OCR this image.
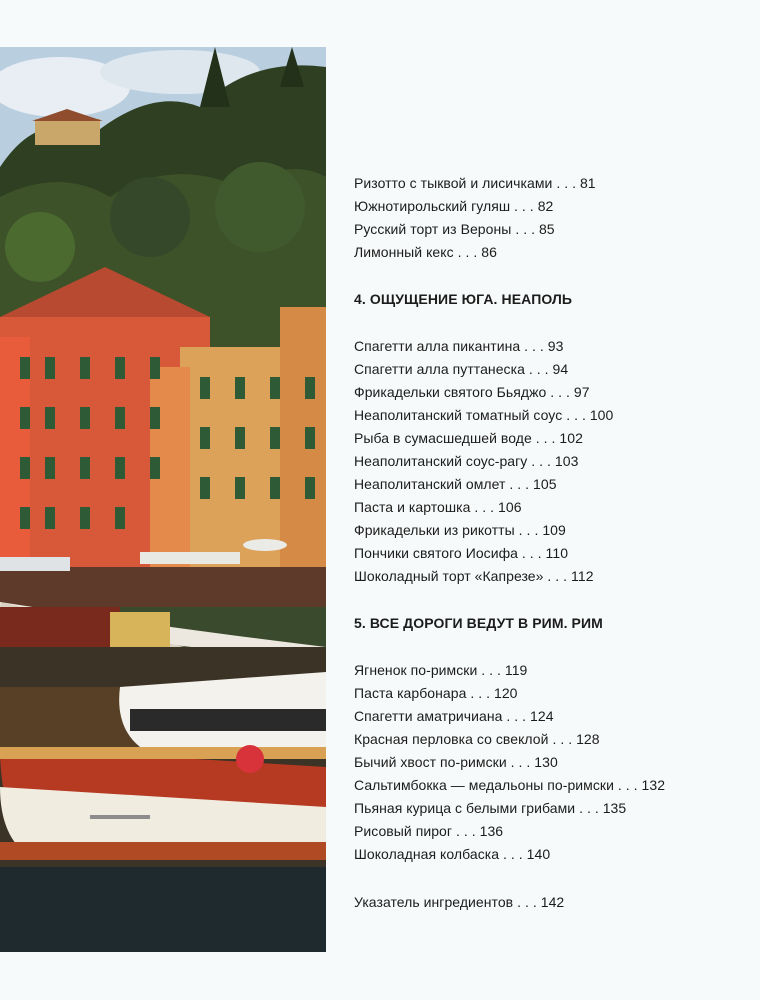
Ризотто с тыквой и лисичками . . . 81
Южнотирольский гуляш . . . 82
Русский торт из Вероны . . . 85
Лимонный кекс . . . 86
4. ОЩУЩЕНИЕ ЮГА. НЕАПОЛЬ
Спагетти алла пикантина . . . 93
Спагетти алла путтанеска . . . 94
Фрикадельки святого Бьяджо . . . 97
Неаполитанский томатный соус . . . 100
Рыба в сумасшедшей воде . . . 102
Неаполитанский соус-рагу . . . 103
Неаполитанский омлет . . . 105
Паста и картошка . . . 106
Фрикадельки из рикотты . . . 109
Пончики святого Иосифа . . . 110
Шоколадный торт «Капрезе» . . . 112
5. ВСЕ ДОРОГИ ВЕДУТ В РИМ. РИМ
Ягненок по-римски . . . 119
Паста карбонара . . . 120
Спагетти аматричиана . . . 124
Красная перловка со свеклой . . . 128
Бычий хвост по-римски . . . 130
Сальтимбокка — медальоны по-римски . . . 132
Пьяная курица с белыми грибами . . . 135
Рисовый пирог . . . 136
Шоколадная колбаска . . . 140
Указатель ингредиентов . . . 142
